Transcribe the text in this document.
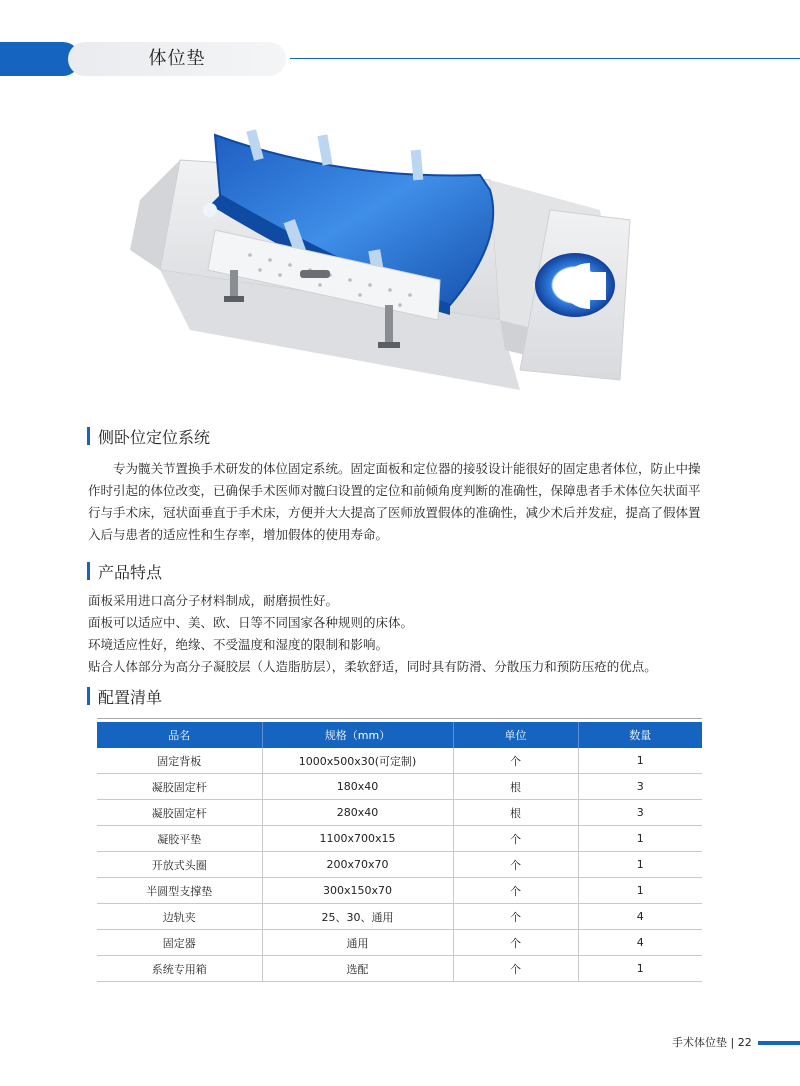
体位垫
侧卧位定位系统

专为髋关节置换手术研发的体位固定系统。固定面板和定位器的接驳设计能很好的固定患者体位，防止中操作时引起的体位改变，已确保手术医师对髋臼设置的定位和前倾角度判断的准确性，保障患者手术体位矢状面平行与手术床，冠状面垂直于手术床，方便并大大提高了医师放置假体的准确性，减少术后并发症，提高了假体置入后与患者的适应性和生存率，增加假体的使用寿命。

产品特点

面板采用进口高分子材料制成，耐磨损性好。

面板可以适应中、美、欧、日等不同国家各种规则的床体。

环境适应性好，绝缘、不受温度和湿度的限制和影响。

贴合人体部分为高分子凝胶层（人造脂肪层），柔软舒适，同时具有防滑、分散压力和预防压疮的优点。

配置清单
品名	规格（mm）	单位	数量
固定背板	1000x500x30(可定制)	个	1
凝胶固定杆	180x40	根	3
凝胶固定杆	280x40	根	3
凝胶平垫	1100x700x15	个	1
开放式头圈	200x70x70	个	1
半圆型支撑垫	300x150x70	个	1
边轨夹	25、30、通用	个	4
固定器	通用	个	4
系统专用箱	选配	个	1
手术体位垫 | 22
